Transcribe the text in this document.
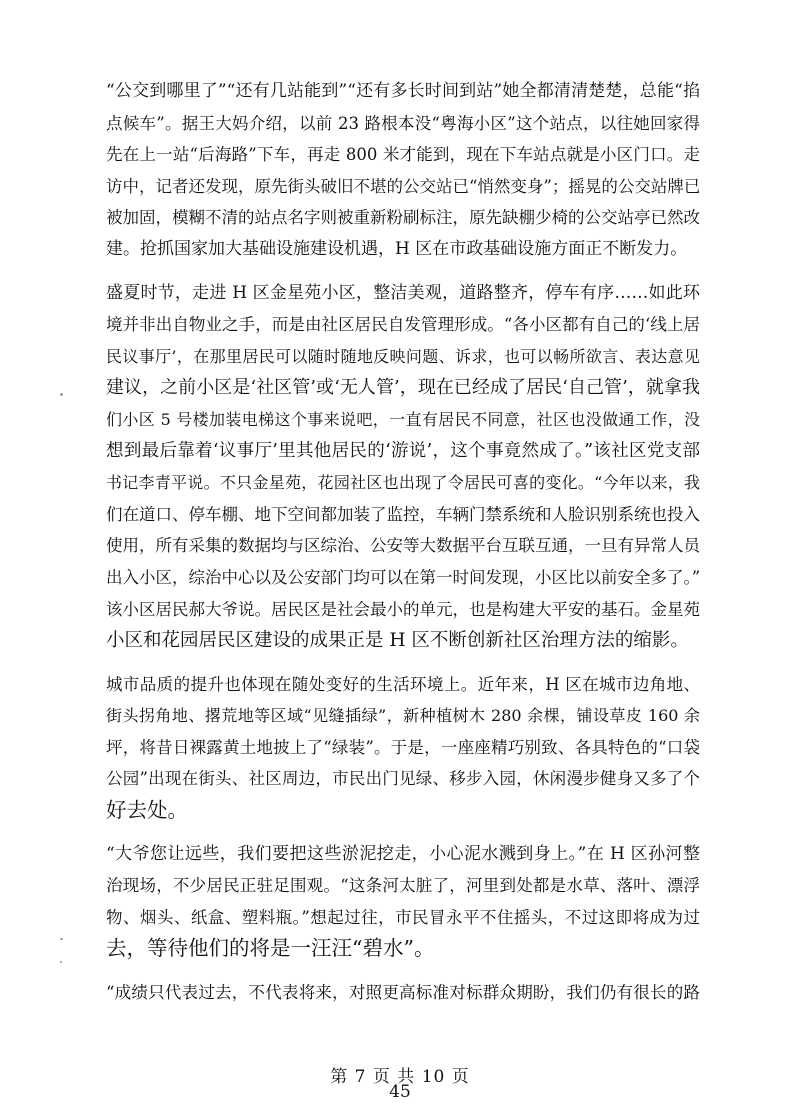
“公交到哪里了”“还有几站能到”“还有多长时间到站”她全都清清楚楚，总能“掐
点候车”。据王大妈介绍，以前 23 路根本没“粤海小区”这个站点，以往她回家得
先在上一站“后海路”下车，再走 800 米才能到，现在下车站点就是小区门口。走
访中，记者还发现，原先街头破旧不堪的公交站已“悄然变身”；摇晃的公交站牌已
被加固，模糊不清的站点名字则被重新粉刷标注，原先缺棚少椅的公交站亭已然改
建。抢抓国家加大基础设施建设机遇，H 区在市政基础设施方面正不断发力。
盛夏时节，走进 H 区金星苑小区，整洁美观，道路整齐，停车有序……如此环
境并非出自物业之手，而是由社区居民自发管理形成。“各小区都有自己的‘线上居
民议事厅’，在那里居民可以随时随地反映问题、诉求，也可以畅所欲言、表达意见
建议，之前小区是‘社区管’或‘无人管’，现在已经成了居民‘自己管’，就拿我
们小区 5 号楼加装电梯这个事来说吧，一直有居民不同意，社区也没做通工作，没
想到最后靠着‘议事厅’里其他居民的‘游说’，这个事竟然成了。”该社区党支部
书记李青平说。不只金星苑，花园社区也出现了令居民可喜的变化。“今年以来，我
们在道口、停车棚、地下空间都加装了监控，车辆门禁系统和人脸识别系统也投入
使用，所有采集的数据均与区综治、公安等大数据平台互联互通，一旦有异常人员
出入小区，综治中心以及公安部门均可以在第一时间发现，小区比以前安全多了。”
该小区居民郝大爷说。居民区是社会最小的单元，也是构建大平安的基石。金星苑
小区和花园居民区建设的成果正是 H 区不断创新社区治理方法的缩影。
城市品质的提升也体现在随处变好的生活环境上。近年来，H 区在城市边角地、
街头拐角地、撂荒地等区域“见缝插绿”，新种植树木 280 余棵，铺设草皮 160 余
坪，将昔日裸露黄土地披上了“绿装”。于是，一座座精巧别致、各具特色的“口袋
公园”出现在街头、社区周边，市民出门见绿、移步入园，休闲漫步健身又多了个
好去处。
“大爷您让远些，我们要把这些淤泥挖走，小心泥水溅到身上。”在 H 区孙河整
治现场，不少居民正驻足围观。“这条河太脏了，河里到处都是水草、落叶、漂浮
物、烟头、纸盒、塑料瓶。”想起过往，市民冒永平不住摇头，不过这即将成为过
去，等待他们的将是一汪汪“碧水”。
“成绩只代表过去，不代表将来，对照更高标准对标群众期盼，我们仍有很长的路
第 7 页 共 10 页
45
